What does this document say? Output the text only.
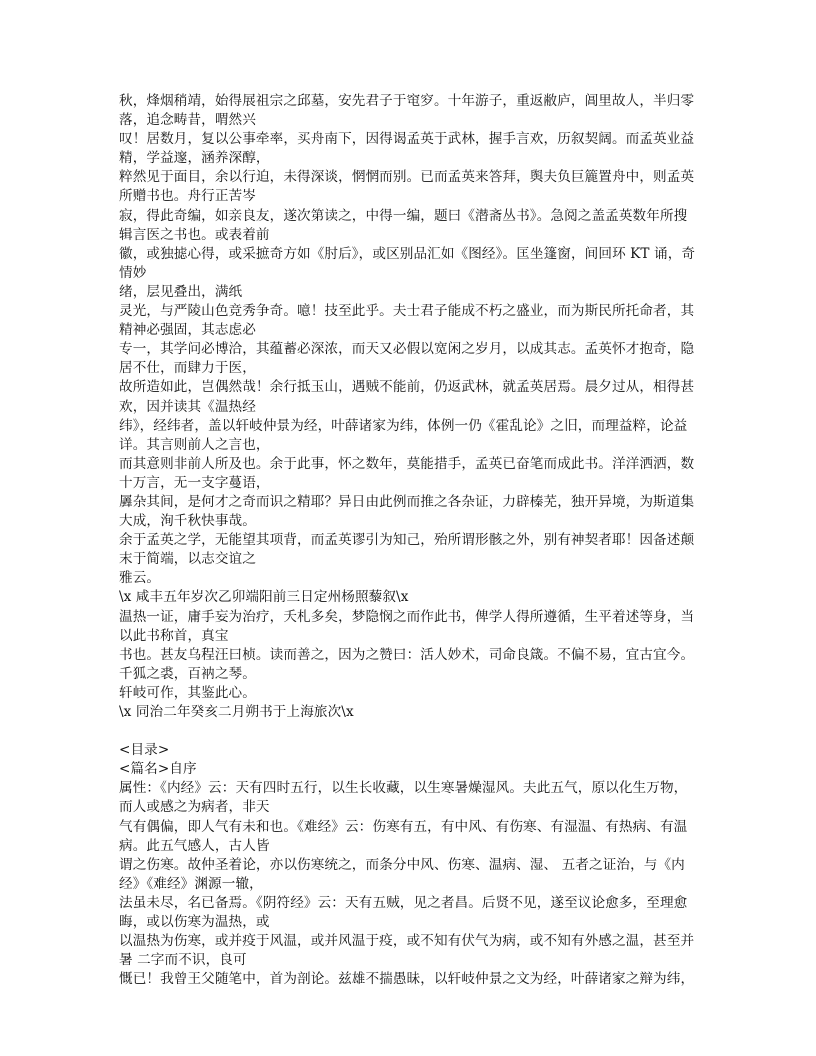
秋，烽烟稍靖，始得展祖宗之邱墓，安先君子于窀穸。十年游子，重返敝庐，阊里故人，半归零落，追念畴昔，喟然兴
叹！居数月，复以公事牵率，买舟南下，因得谒孟英于武林，握手言欢，历叙契阔。而孟英业益精，学益邃，涵养深醇，
粹然见于面目，余以行迫，未得深谈，惘惘而别。已而孟英来答拜，舆夫负巨簏置舟中，则孟英所赠书也。舟行正苦岑
寂，得此奇编，如亲良友，遂次第读之，中得一编，题曰《潜斋丛书》。急阅之盖孟英数年所搜辑言医之书也。或表着前
徽，或独摅心得，或采摭奇方如《肘后》，或区别品汇如《图经》。匡坐篷窗，间回环 KT 诵，奇情妙
绪，层见叠出，满纸
灵光，与严陵山色竞秀争奇。噫！技至此乎。夫士君子能成不朽之盛业，而为斯民所托命者，其精神必强固，其志虑必
专一，其学问必博洽，其蕴蓄必深浓，而天又必假以宽闲之岁月，以成其志。孟英怀才抱奇，隐居不仕，而肆力于医，
故所造如此，岂偶然哉！余行抵玉山，遇贼不能前，仍返武林，就孟英居焉。晨夕过从，相得甚欢，因并读其《温热经
纬》，经纬者，盖以轩岐仲景为经，叶薛诸家为纬，体例一仍《霍乱论》之旧，而理益粹，论益详。其言则前人之言也，
而其意则非前人所及也。余于此事，怀之数年，莫能措手，孟英已奋笔而成此书。洋洋洒洒，数十万言，无一支字蔓语，
羼杂其间，是何才之奇而识之精耶？异日由此例而推之各杂证，力辟榛芜，独开异境，为斯道集大成，洵千秋快事哉。
余于孟英之学，无能望其项背，而孟英谬引为知己，殆所谓形骸之外，别有神契者耶！因备述颠末于简端，以志交谊之
雅云。
\x 咸丰五年岁次乙卯端阳前三日定州杨照藜叙\x
温热一证，庸手妄为治疗，夭札多矣，梦隐悯之而作此书，俾学人得所遵循，生平着述等身，当以此书称首，真宝
书也。甚友乌程汪曰桢。读而善之，因为之赞曰：活人妙术，司命良箴。不偏不易，宜古宜今。千狐之裘，百衲之琴。
轩岐可作，其鉴此心。
\x 同治二年癸亥二月朔书于上海旅次\x
<目录>
<篇名>自序
属性：《内经》云：天有四时五行，以生长收藏，以生寒暑燥湿风。夫此五气，原以化生万物，而人或感之为病者，非天
气有偶偏，即人气有未和也。《难经》云：伤寒有五，有中风、有伤寒、有湿温、有热病、有温病。此五气感人，古人皆
谓之伤寒。故仲圣着论，亦以伤寒统之，而条分中风、伤寒、温病、湿、 五者之证治，与《内经》《难经》渊源一辙，
法虽未尽，名已备焉。《阴符经》云：天有五贼，见之者昌。后贤不见，遂至议论愈多，至理愈晦，或以伤寒为温热，或
以温热为伤寒，或并疫于风温，或并风温于疫，或不知有伏气为病，或不知有外感之温，甚至并暑 二字而不识，良可
慨已！我曾王父随笔中，首为剖论。兹雄不揣愚昧，以轩岐仲景之文为经，叶薛诸家之辩为纬，
